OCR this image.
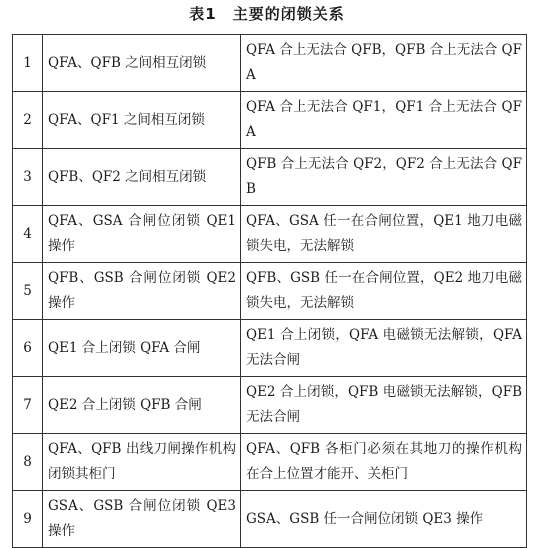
表1　主要的闭锁关系
1	QFA、QFB 之间相互闭锁	QFA 合上无法合 QFB，QFB 合上无法合 QFA
2	QFA、QF1 之间相互闭锁	QFA 合上无法合 QF1，QF1 合上无法合 QFA
3	QFB、QF2 之间相互闭锁	QFB 合上无法合 QF2，QF2 合上无法合 QFB
4	QFA、GSA 合闸位闭锁 QE1 操作	QFA、GSA 任一在合闸位置，QE1 地刀电磁锁失电，无法解锁
5	QFB、GSB 合闸位闭锁 QE2 操作	QFB、GSB 任一在合闸位置，QE2 地刀电磁锁失电，无法解锁
6	QE1 合上闭锁 QFA 合闸	QE1 合上闭锁，QFA 电磁锁无法解锁，QFA 无法合闸
7	QE2 合上闭锁 QFB 合闸	QE2 合上闭锁，QFB 电磁锁无法解锁，QFB 无法合闸
8	QFA、QFB 出线刀闸操作机构闭锁其柜门	QFA、QFB 各柜门必须在其地刀的操作机构在合上位置才能开、关柜门
9	GSA、GSB 合闸位闭锁 QE3 操作	GSA、GSB 任一合闸位闭锁 QE3 操作
